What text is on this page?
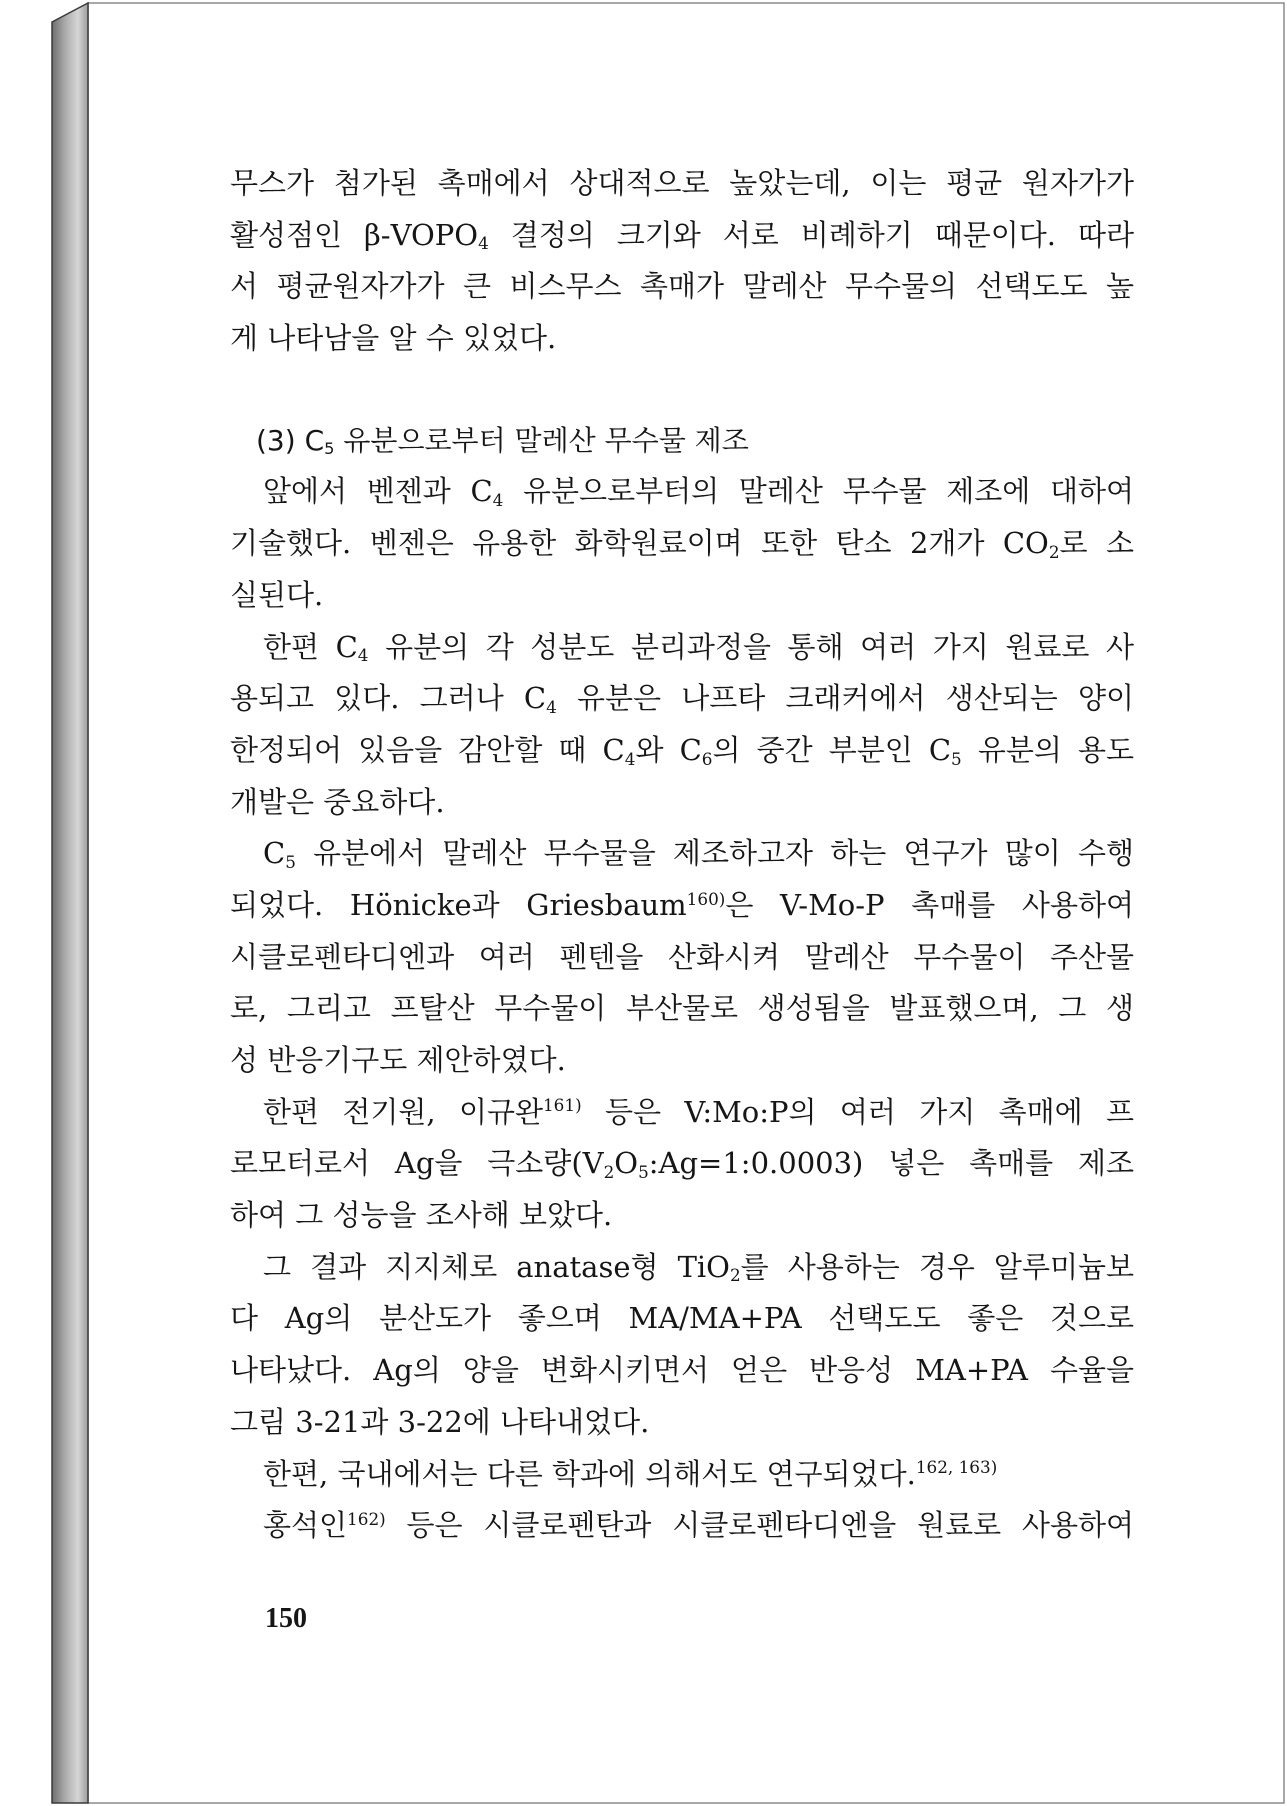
무스가 첨가된 촉매에서 상대적으로 높았는데, 이는 평균 원자가가
활성점인 $\beta-VOPO_4$ 결정의 크기와 서로 비례하기 때문이다. 따라
서 평균원자가가 큰 비스무스 촉매가 말레산 무수물의 선택도도 높
게 나타남을 알 수 있었다.
(3) $C_5$ 유분으로부터 말레산 무수물 제조
앞에서 벤젠과 $C_4$ 유분으로부터의 말레산 무수물 제조에 대하여
기술했다. 벤젠은 유용한 화학원료이며 또한 탄소 2개가 $CO_2$로 소
실된다.
한편 $C_4$ 유분의 각 성분도 분리과정을 통해 여러 가지 원료로 사
용되고 있다. 그러나 $C_4$ 유분은 나프타 크래커에서 생산되는 양이
한정되어 있음을 감안할 때 $C_4$와 $C_6$의 중간 부분인 $C_5$ 유분의 용도
개발은 중요하다.
$C_5$ 유분에서 말레산 무수물을 제조하고자 하는 연구가 많이 수행
되었다. Hönicke과 Griesbaum$^{160)}$은 V-Mo-P 촉매를 사용하여
시클로펜타디엔과 여러 펜텐을 산화시켜 말레산 무수물이 주산물
로, 그리고 프탈산 무수물이 부산물로 생성됨을 발표했으며, 그 생
성 반응기구도 제안하였다.
한편 전기원, 이규완$^{161)}$ 등은 V:Mo:P의 여러 가지 촉매에 프
로모터로서 Ag을 극소량$(V_2O_5:Ag=1:0.0003)$ 넣은 촉매를 제조
하여 그 성능을 조사해 보았다.
그 결과 지지체로 anatase형 TiO$_2$를 사용하는 경우 알루미늄보
다 Ag의 분산도가 좋으며 MA/MA+PA 선택도도 좋은 것으로
나타났다. Ag의 양을 변화시키면서 얻은 반응성 MA+PA 수율을
그림 3-21과 3-22에 나타내었다.
한편, 국내에서는 다른 학과에 의해서도 연구되었다.$^{162, 163)}$
홍석인$^{162)}$ 등은 시클로펜탄과 시클로펜타디엔을 원료로 사용하여
150
